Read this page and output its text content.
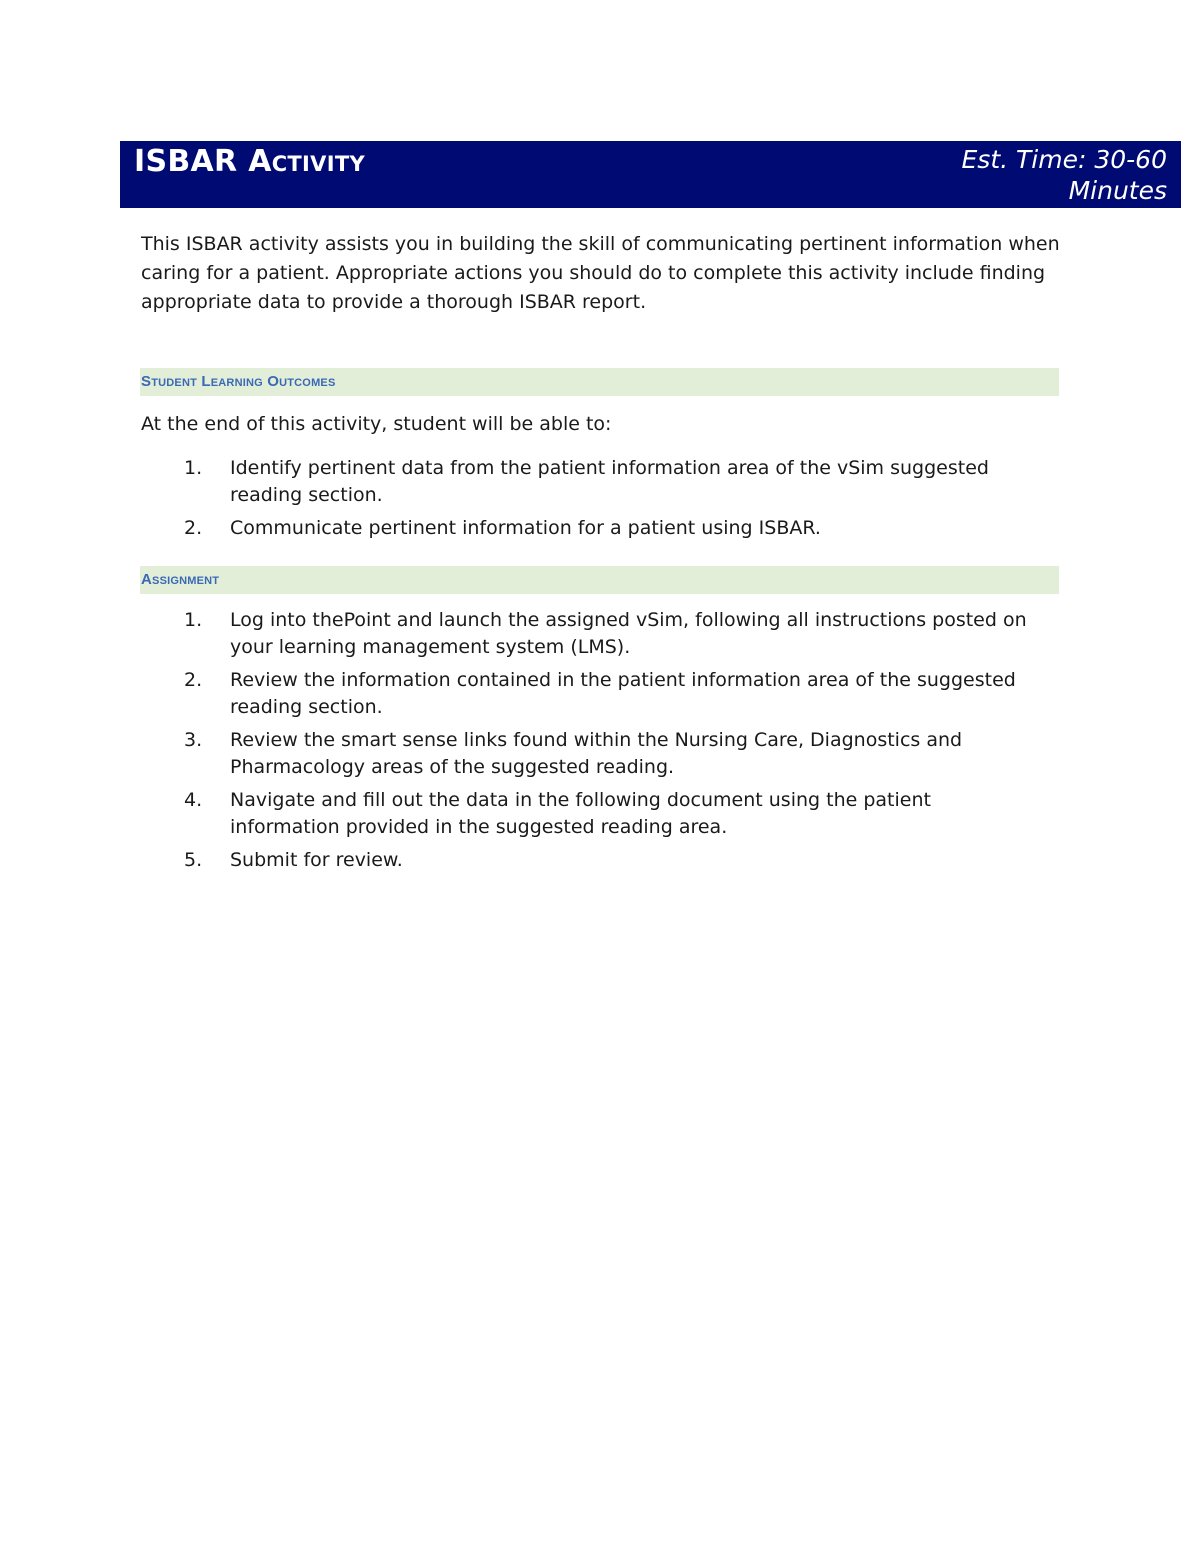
ISBAR Activity	Est. Time: 30-60
Minutes

This ISBAR activity assists you in building the skill of communicating pertinent information when caring for a patient. Appropriate actions you should do to complete this activity include finding appropriate data to provide a thorough ISBAR report.

Student Learning Outcomes

At the end of this activity, student will be able to:

1. Identify pertinent data from the patient information area of the vSim suggested reading section.
2. Communicate pertinent information for a patient using ISBAR.
Assignment
1. Log into thePoint and launch the assigned vSim, following all instructions posted on your learning management system (LMS).
2. Review the information contained in the patient information area of the suggested reading section.
3. Review the smart sense links found within the Nursing Care, Diagnostics and Pharmacology areas of the suggested reading.
4. Navigate and fill out the data in the following document using the patient information provided in the suggested reading area.
5. Submit for review.
